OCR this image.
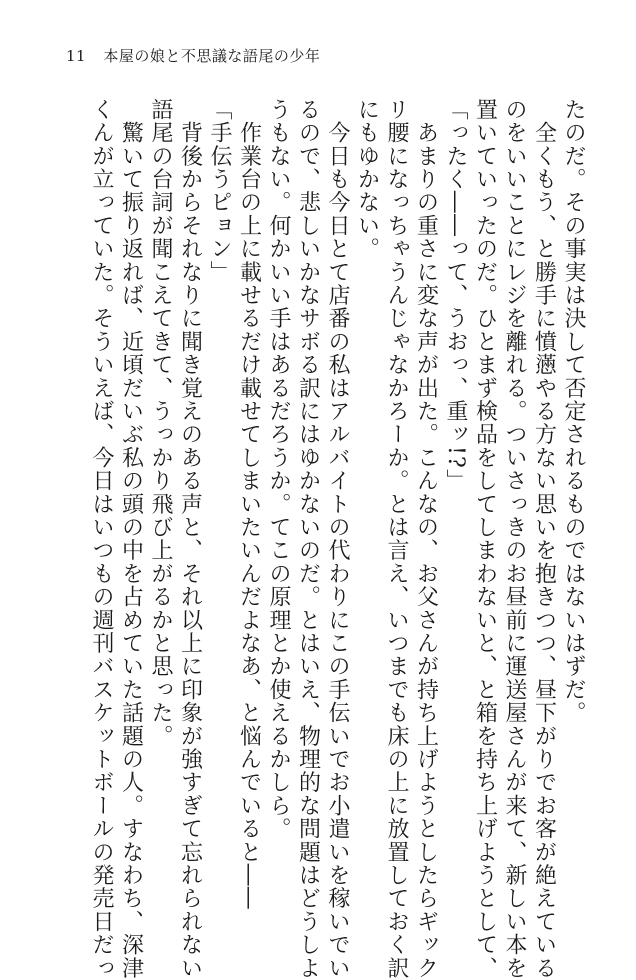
11 本屋の娘と不思議な語尾の少年

たのだ。その事実は決して否定されるものではないはずだ。

　全くもう、と勝手に憤懣やる方ない思いを抱きつつ、昼下がりでお客が絶えている

のをいいことにレジを離れる。ついさっきのお昼前に運送屋さんが来て、新しい本を

置いていったのだ。ひとまず検品をしてしまわないと、と箱を持ち上げようとして、

「ったく――って、うおっ、重ッ!?」

　あまりの重さに変な声が出た。こんなの、お父さんが持ち上げようとしたらギック

リ腰になっちゃうんじゃなかろーか。とは言え、いつまでも床の上に放置しておく訳

にもゆかない。

　今日も今日とて店番の私はアルバイトの代わりにこの手伝いでお小遣いを稼いでい

るので、悲しいかなサボる訳にはゆかないのだ。とはいえ、物理的な問題はどうしよ

うもない。何かいい手はあるだろうか。てこの原理とか使えるかしら。

　作業台の上に載せるだけ載せてしまいたいんだよなあ、と悩んでいると――

「手伝うピョン」

　背後からそれなりに聞き覚えのある声と、それ以上に印象が強すぎて忘れられない

語尾の台詞が聞こえてきて、うっかり飛び上がるかと思った。

　驚いて振り返れば、近頃だいぶ私の頭の中を占めていた話題の人。すなわち、深津

くんが立っていた。そういえば、今日はいつもの週刊バスケットボールの発売日だっ
